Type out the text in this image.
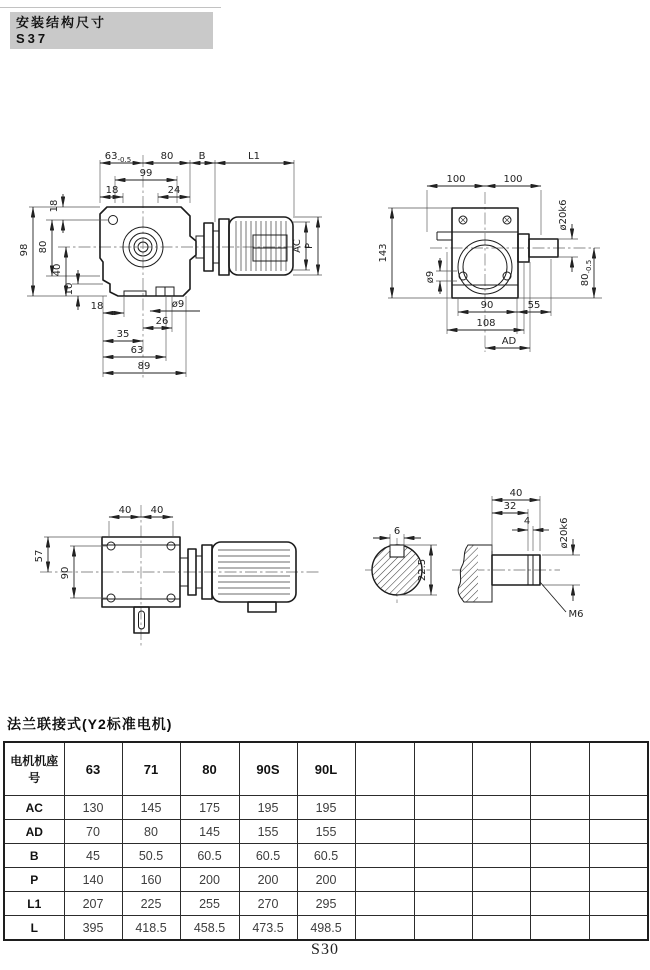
安装结构尺寸
S37
$63_{-0.5}$	80	B	L1
99
18	24
18
98 80
40
10
AC P
18	ø9
26
35
63
89
100	100
143
ø9
ø20k6
$80_{-0.5}$
90	55
108
AD
40 40
57
90
6
22.5
40
32
4	ø20k6
M6
法兰联接式(Y2标准电机)
电机机座号	63	71	80	90S	90L					
AC	130	145	175	195	195					
AD	70	80	145	155	155					
B	45	50.5	60.5	60.5	60.5					
P	140	160	200	200	200					
L1	207	225	255	270	295					
L	395	418.5	458.5	473.5	498.5					
S30
